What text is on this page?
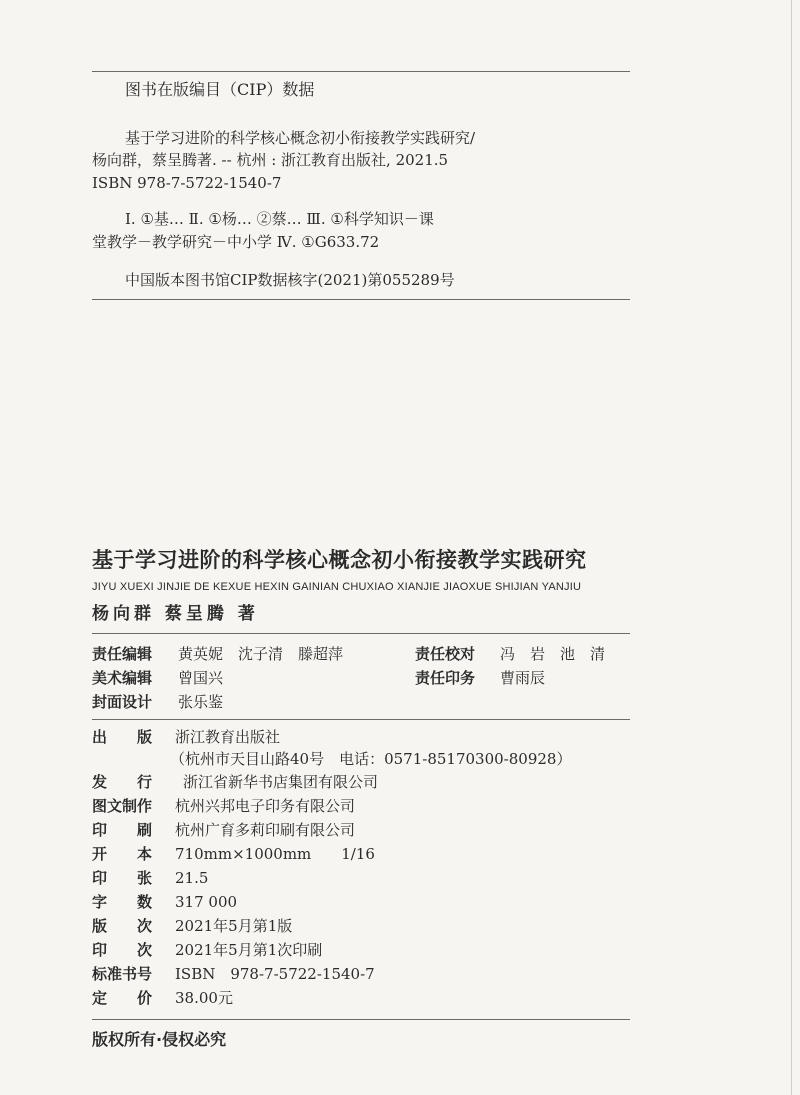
图书在版编目（CIP）数据
基于学习进阶的科学核心概念初小衔接教学实践研究/
杨向群，蔡呈腾著. -- 杭州 : 浙江教育出版社, 2021.5
ISBN 978-7-5722-1540-7
Ⅰ. ①基… Ⅱ. ①杨… ②蔡… Ⅲ. ①科学知识－课
堂教学－教学研究－中小学 Ⅳ. ①G633.72
中国版本图书馆CIP数据核字(2021)第055289号
基于学习进阶的科学核心概念初小衔接教学实践研究
JIYU XUEXI JINJIE DE KEXUE HEXIN GAINIAN CHUXIAO XIANJIE JIAOXUE SHIJIAN YANJIU
杨向群 蔡呈腾 著
责任编辑 黄英妮　沈子清　滕超萍	责任校对 冯　岩　池　清
美术编辑 曾国兴	责任印务 曹雨辰
封面设计 张乐鉴
出　　版 浙江教育出版社
（杭州市天目山路40号　电话：0571-85170300-80928）
发　　行 浙江省新华书店集团有限公司
图文制作 杭州兴邦电子印务有限公司
印　　刷 杭州广育多莉印刷有限公司
开　　本 710mm×1000mm　　1/16
印　　张 21.5
字　　数 317 000
版　　次 2021年5月第1版
印　　次 2021年5月第1次印刷
标准书号 ISBN　978-7-5722-1540-7
定　　价 38.00元
版权所有·侵权必究
